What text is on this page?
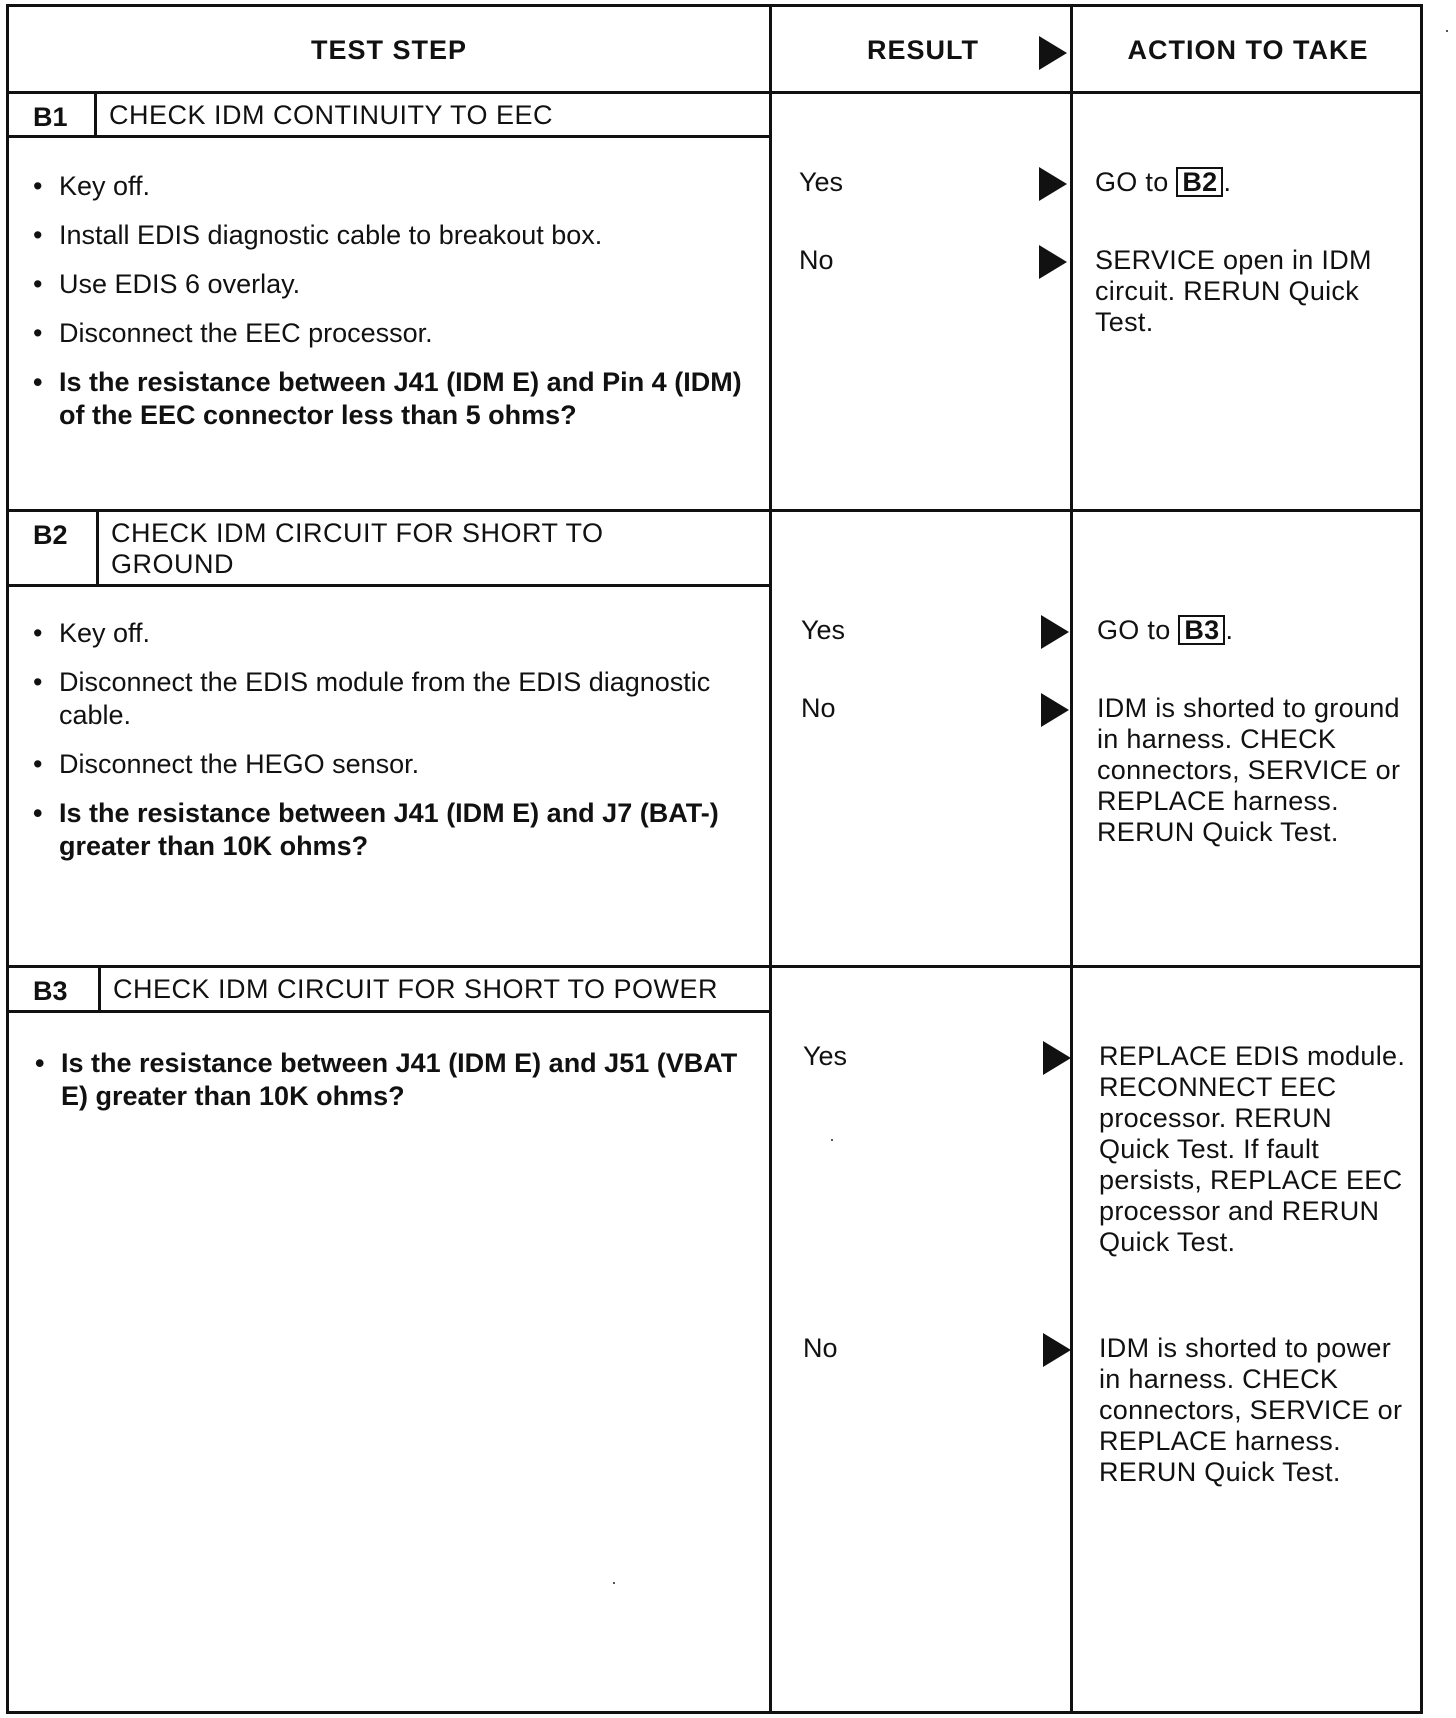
TEST STEP	RESULT	ACTION TO TAKE
B1	CHECK IDM CONTINUITY TO EEC
• Key off.
• Install EDIS diagnostic cable to breakout box.
• Use EDIS 6 overlay.
• Disconnect the EEC processor.
• Is the resistance between J41 (IDM E) and Pin 4 (IDM) of the EEC connector less than 5 ohms?
Yes	GO to B2 .
No	SERVICE open in IDM circuit. RERUN Quick Test.
B2	CHECK IDM CIRCUIT FOR SHORT TO GROUND
• Key off.
• Disconnect the EDIS module from the EDIS diagnostic cable.
• Disconnect the HEGO sensor.
• Is the resistance between J41 (IDM E) and J7 (BAT-) greater than 10K ohms?
Yes	GO to B3 .
No	IDM is shorted to ground in harness. CHECK connectors, SERVICE or REPLACE harness. RERUN Quick Test.
B3	CHECK IDM CIRCUIT FOR SHORT TO POWER
• Is the resistance between J41 (IDM E) and J51 (VBAT E) greater than 10K ohms?
Yes	REPLACE EDIS module. RECONNECT EEC processor. RERUN Quick Test. If fault persists, REPLACE EEC processor and RERUN Quick Test.
No	IDM is shorted to power in harness. CHECK connectors, SERVICE or REPLACE harness. RERUN Quick Test.
